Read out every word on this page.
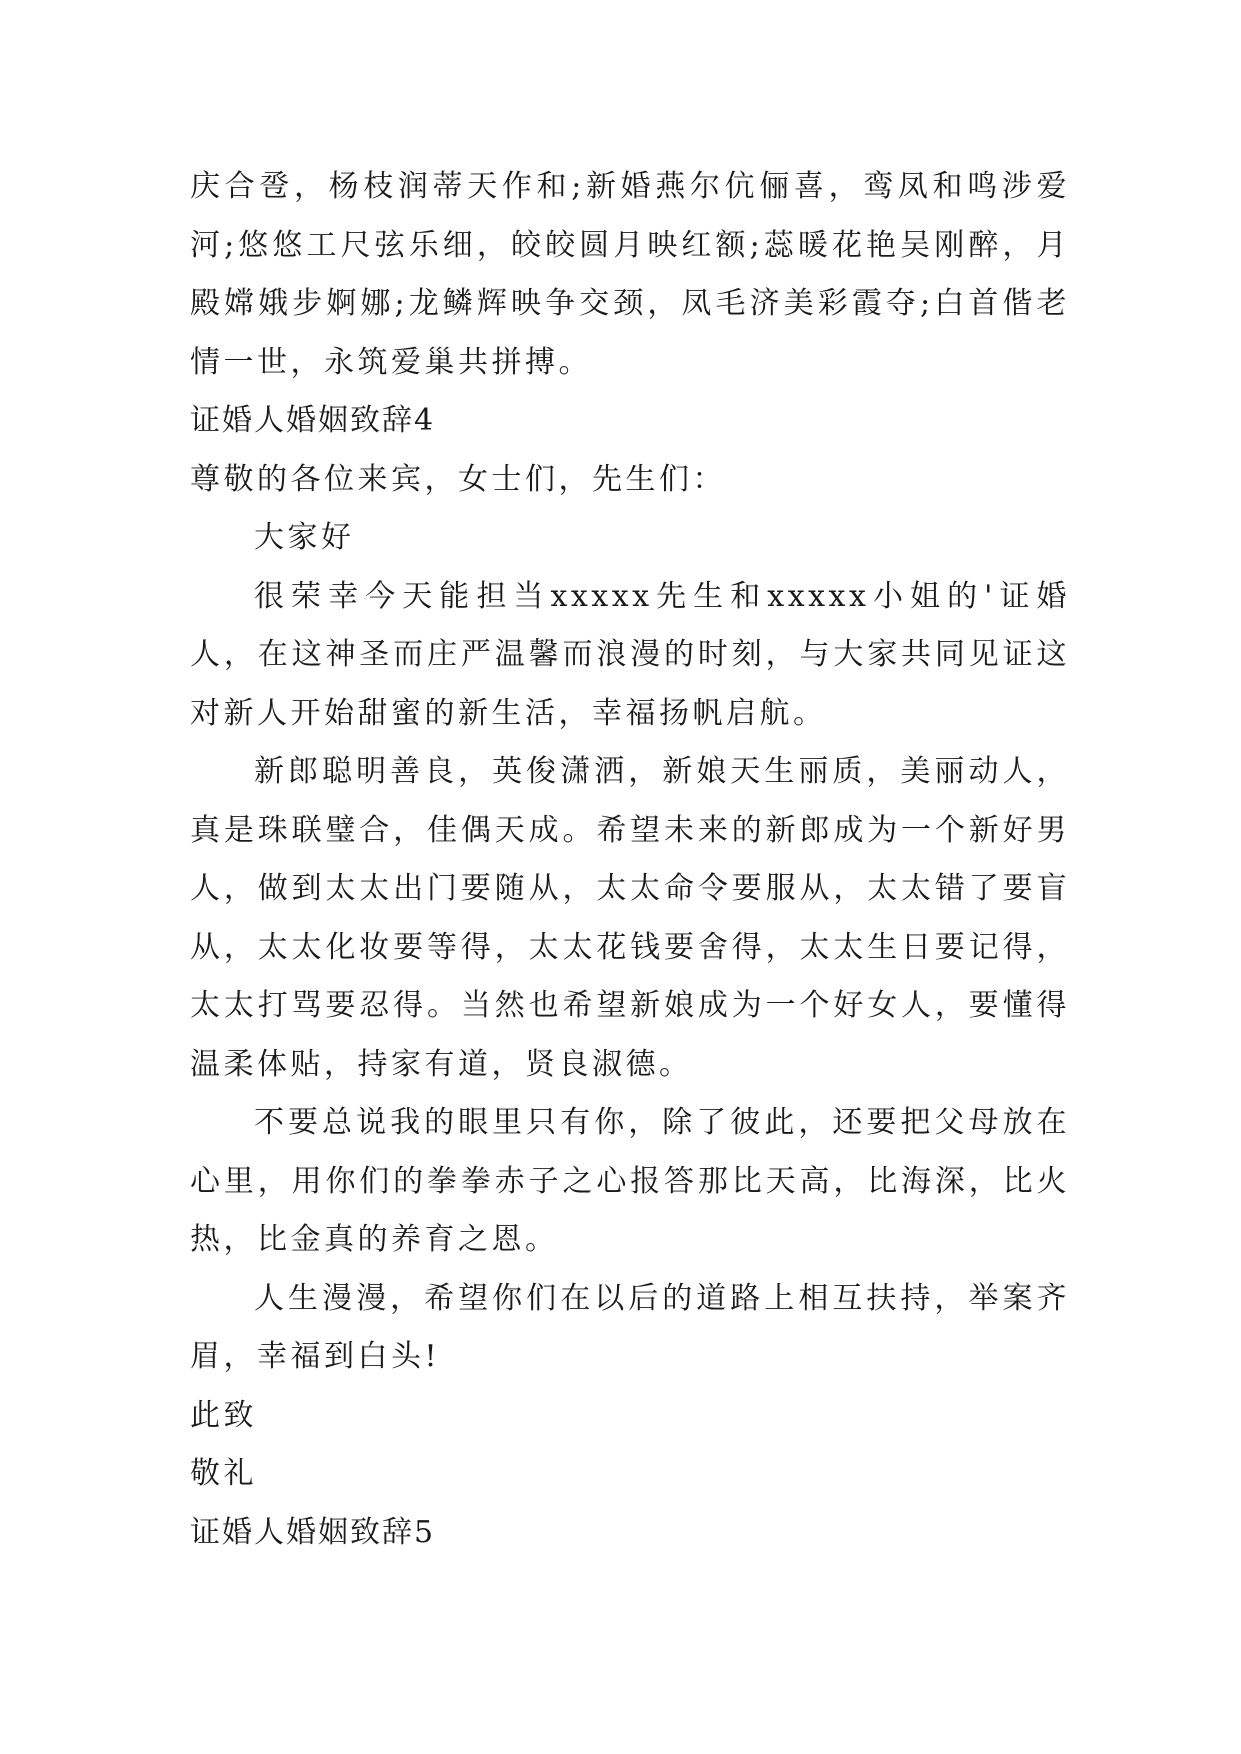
庆合卺，杨枝润蒂天作和;新婚燕尔伉俪喜，鸾凤和鸣涉爱河;悠悠工尺弦乐细，皎皎圆月映红额;蕊暖花艳吴刚醉，月殿嫦娥步婀娜;龙鳞辉映争交颈，凤毛济美彩霞夺;白首偕老情一世，永筑爱巢共拼搏。

证婚人婚姻致辞4

尊敬的各位来宾，女士们，先生们：

大家好

很荣幸今天能担当xxxxx先生和xxxxx小姐的'证婚人，在这神圣而庄严温馨而浪漫的时刻，与大家共同见证这对新人开始甜蜜的新生活，幸福扬帆启航。

新郎聪明善良，英俊潇洒，新娘天生丽质，美丽动人，真是珠联璧合，佳偶天成。希望未来的新郎成为一个新好男人，做到太太出门要随从，太太命令要服从，太太错了要盲从，太太化妆要等得，太太花钱要舍得，太太生日要记得，太太打骂要忍得。当然也希望新娘成为一个好女人，要懂得温柔体贴，持家有道，贤良淑德。

不要总说我的眼里只有你，除了彼此，还要把父母放在心里，用你们的拳拳赤子之心报答那比天高，比海深，比火热，比金真的养育之恩。

人生漫漫，希望你们在以后的道路上相互扶持，举案齐眉，幸福到白头!

此致

敬礼

证婚人婚姻致辞5
